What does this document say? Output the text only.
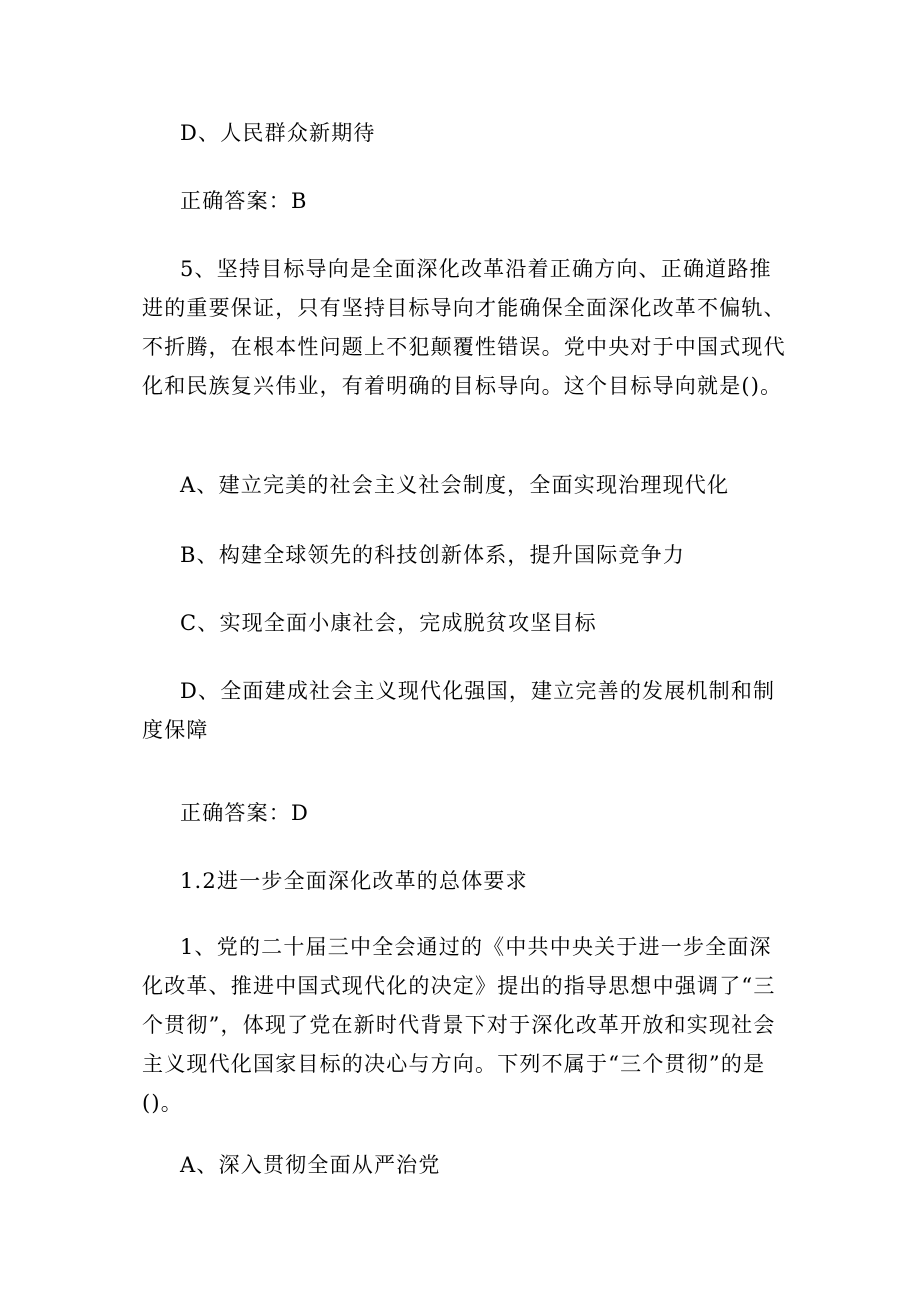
D、人民群众新期待

正确答案：B

5、坚持目标导向是全面深化改革沿着正确方向、正确道路推进的重要保证，只有坚持目标导向才能确保全面深化改革不偏轨、不折腾，在根本性问题上不犯颠覆性错误。党中央对于中国式现代化和民族复兴伟业，有着明确的目标导向。这个目标导向就是()。

A、建立完美的社会主义社会制度，全面实现治理现代化

B、构建全球领先的科技创新体系，提升国际竞争力

C、实现全面小康社会，完成脱贫攻坚目标

D、全面建成社会主义现代化强国，建立完善的发展机制和制度保障

正确答案：D

1.2进一步全面深化改革的总体要求

1、党的二十届三中全会通过的《中共中央关于进一步全面深化改革、推进中国式现代化的决定》提出的指导思想中强调了“三个贯彻”，体现了党在新时代背景下对于深化改革开放和实现社会主义现代化国家目标的决心与方向。下列不属于“三个贯彻”的是()。

A、深入贯彻全面从严治党
